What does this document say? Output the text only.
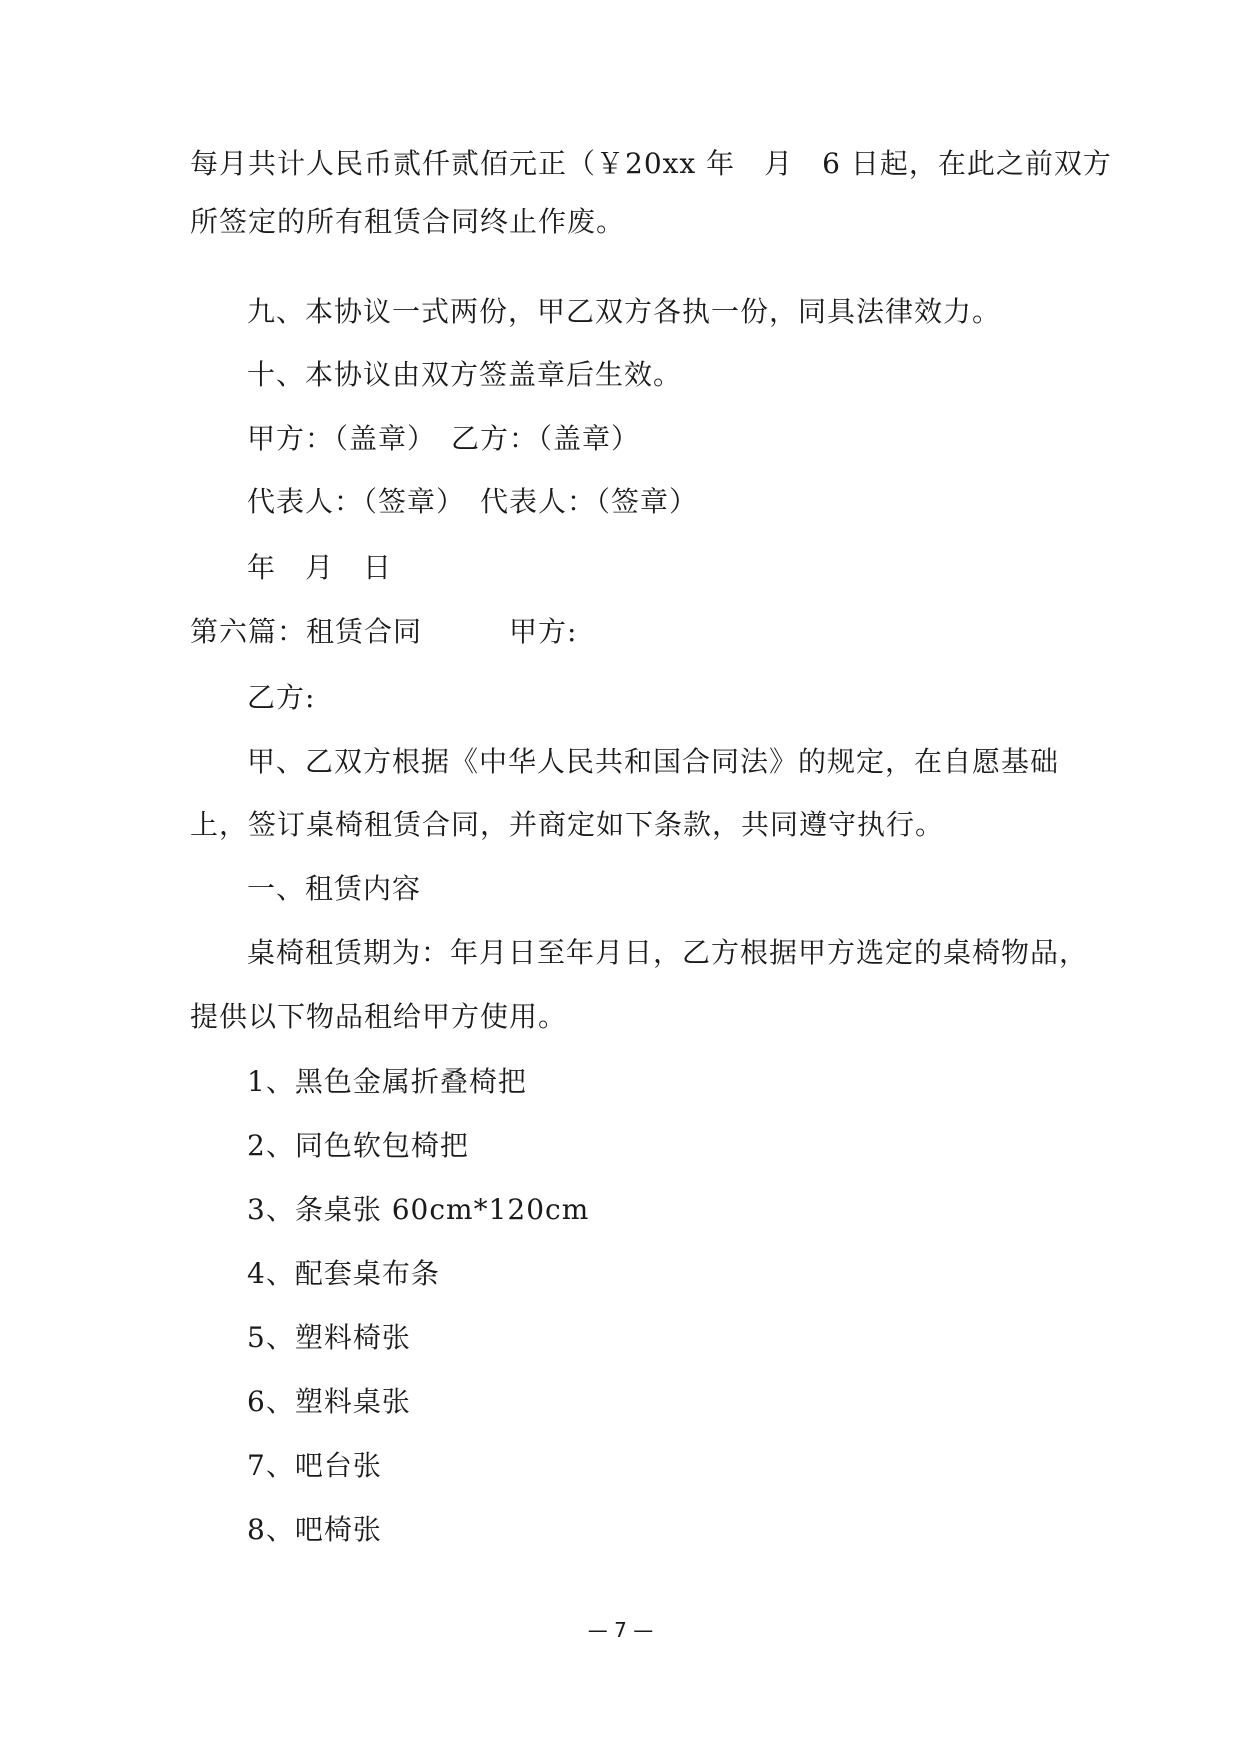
每月共计人民币贰仟贰佰元正（￥20xx 年　月　6 日起，在此之前双方
所签定的所有租赁合同终止作废。
九、本协议一式两份，甲乙双方各执一份，同具法律效力。
十、本协议由双方签盖章后生效。
甲方：（盖章）　乙方：（盖章）
代表人：（签章）　代表人：（签章）
年　月　日
第六篇：租赁合同　　　甲方:
乙方:
甲、乙双方根据《中华人民共和国合同法》的规定，在自愿基础
上，签订桌椅租赁合同，并商定如下条款，共同遵守执行。
一、租赁内容
桌椅租赁期为：年月日至年月日，乙方根据甲方选定的桌椅物品，
提供以下物品租给甲方使用。
1、黑色金属折叠椅把
2、同色软包椅把
3、条桌张 60cm*120cm
4、配套桌布条
5、塑料椅张
6、塑料桌张
7、吧台张
8、吧椅张
— 7 —
